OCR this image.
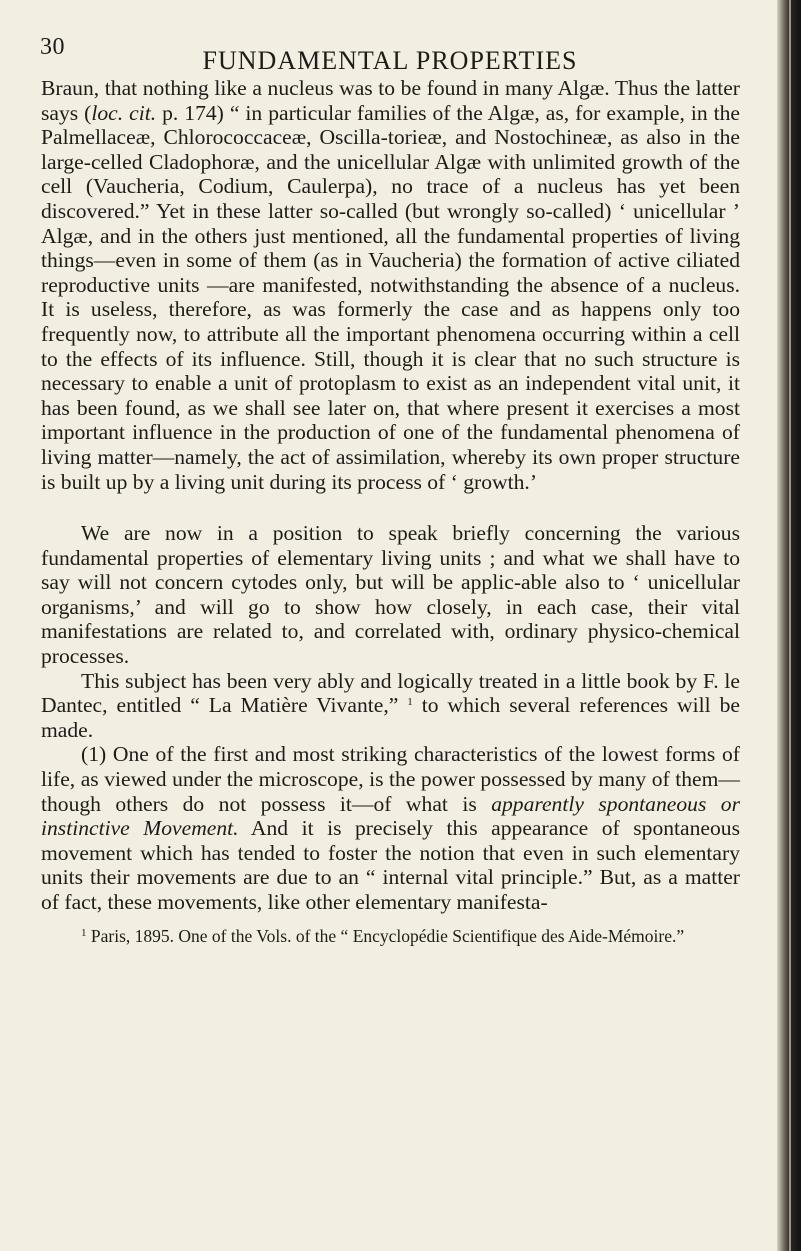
30	FUNDAMENTAL PROPERTIES

Braun, that nothing like a nucleus was to be found in many Algæ. Thus the latter says (loc. cit. p. 174) “ in particular families of the Algæ, as, for example, in the Palmellaceæ, Chlorococcaceæ, Oscilla-torieæ, and Nostochineæ, as also in the large-celled Cladophoræ, and the unicellular Algæ with unlimited growth of the cell (Vaucheria, Codium, Caulerpa), no trace of a nucleus has yet been discovered.” Yet in these latter so-called (but wrongly so-called) ‘ unicellular ’ Algæ, and in the others just mentioned, all the fundamental properties of living things—even in some of them (as in Vaucheria) the formation of active ciliated reproductive units —are manifested, notwithstanding the absence of a nucleus. It is useless, therefore, as was formerly the case and as happens only too frequently now, to attribute all the important phenomena occurring within a cell to the effects of its influence. Still, though it is clear that no such structure is necessary to enable a unit of protoplasm to exist as an independent vital unit, it has been found, as we shall see later on, that where present it exercises a most important influence in the production of one of the fundamental phenomena of living matter—namely, the act of assimilation, whereby its own proper structure is built up by a living unit during its process of ‘ growth.’

We are now in a position to speak briefly concerning the various fundamental properties of elementary living units ; and what we shall have to say will not concern cytodes only, but will be applic-able also to ‘ unicellular organisms,’ and will go to show how closely, in each case, their vital manifestations are related to, and correlated with, ordinary physico-chemical processes.

This subject has been very ably and logically treated in a little book by F. le Dantec, entitled “ La Matière Vivante,” $^1$ to which several references will be made.

(1) One of the first and most striking characteristics of the lowest forms of life, as viewed under the microscope, is the power possessed by many of them—though others do not possess it—of what is apparently spontaneous or instinctive Movement. And it is precisely this appearance of spontaneous movement which has tended to foster the notion that even in such elementary units their movements are due to an “ internal vital principle.” But, as a matter of fact, these movements, like other elementary manifesta-

$^1$ Paris, 1895. One of the Vols. of the “ Encyclopédie Scientifique des Aide-Mémoire.”
